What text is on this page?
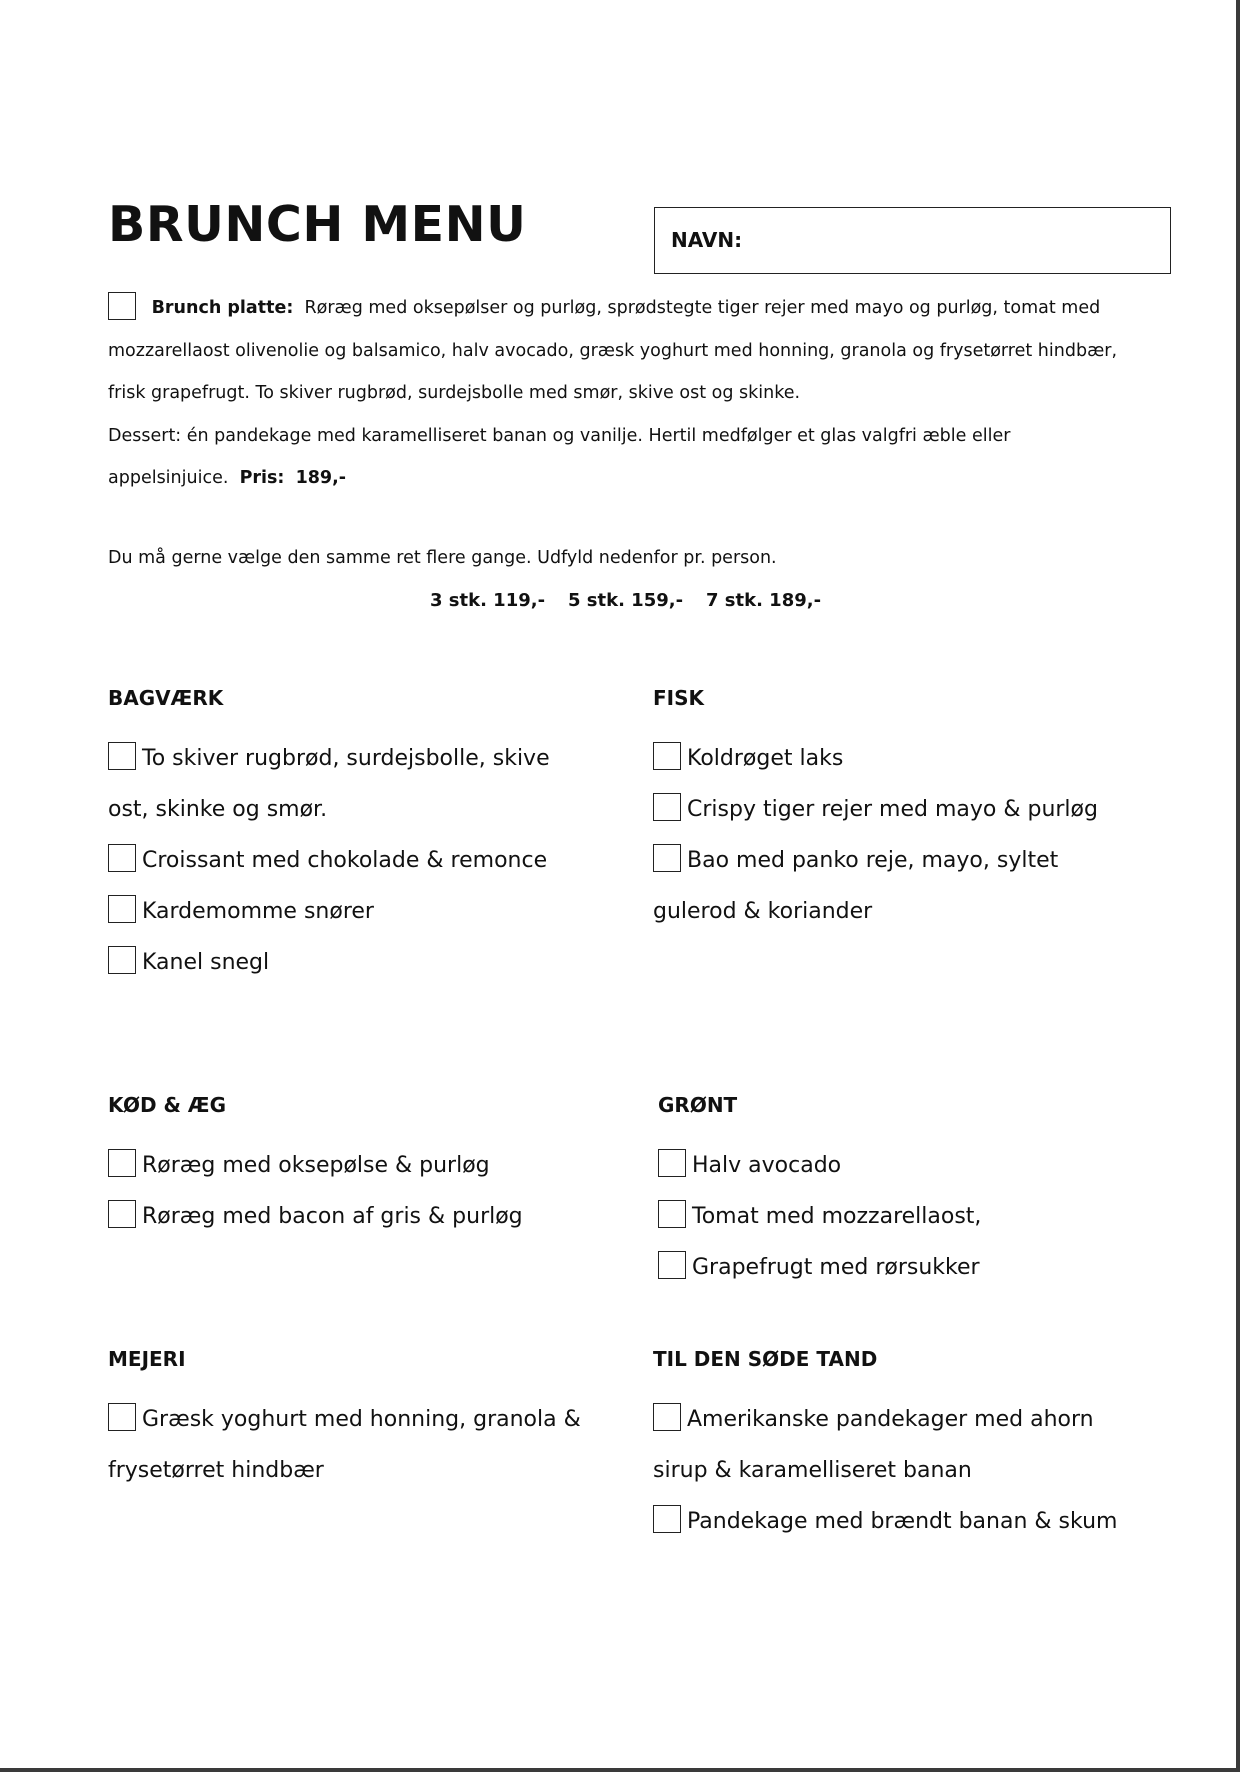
BRUNCH MENU	NAVN:
Brunch platte: Røræg med oksepølser og purløg, sprødstegte tiger rejer med mayo og purløg, tomat med mozzarellaost olivenolie og balsamico, halv avocado, græsk yoghurt med honning, granola og frysetørret hindbær, frisk grapefrugt. To skiver rugbrød, surdejsbolle med smør, skive ost og skinke.
Dessert: én pandekage med karamelliseret banan og vanilje. Hertil medfølger et glas valgfri æble eller appelsinjuice. Pris: 189,-
Du må gerne vælge den samme ret flere gange. Udfyld nedenfor pr. person.
3 stk. 119,- 5 stk. 159,- 7 stk. 189,-
BAGVÆRK
To skiver rugbrød, surdejsbolle, skive
ost, skinke og smør.
Croissant med chokolade & remonce
Kardemomme snører
Kanel snegl
FISK
Koldrøget laks
Crispy tiger rejer med mayo & purløg
Bao med panko reje, mayo, syltet
gulerod & koriander
KØD & ÆG
Røræg med oksepølse & purløg
Røræg med bacon af gris & purløg
GRØNT
Halv avocado
Tomat med mozzarellaost,
Grapefrugt med rørsukker
MEJERI
Græsk yoghurt med honning, granola &
frysetørret hindbær
TIL DEN SØDE TAND
Amerikanske pandekager med ahorn
sirup & karamelliseret banan
Pandekage med brændt banan & skum
